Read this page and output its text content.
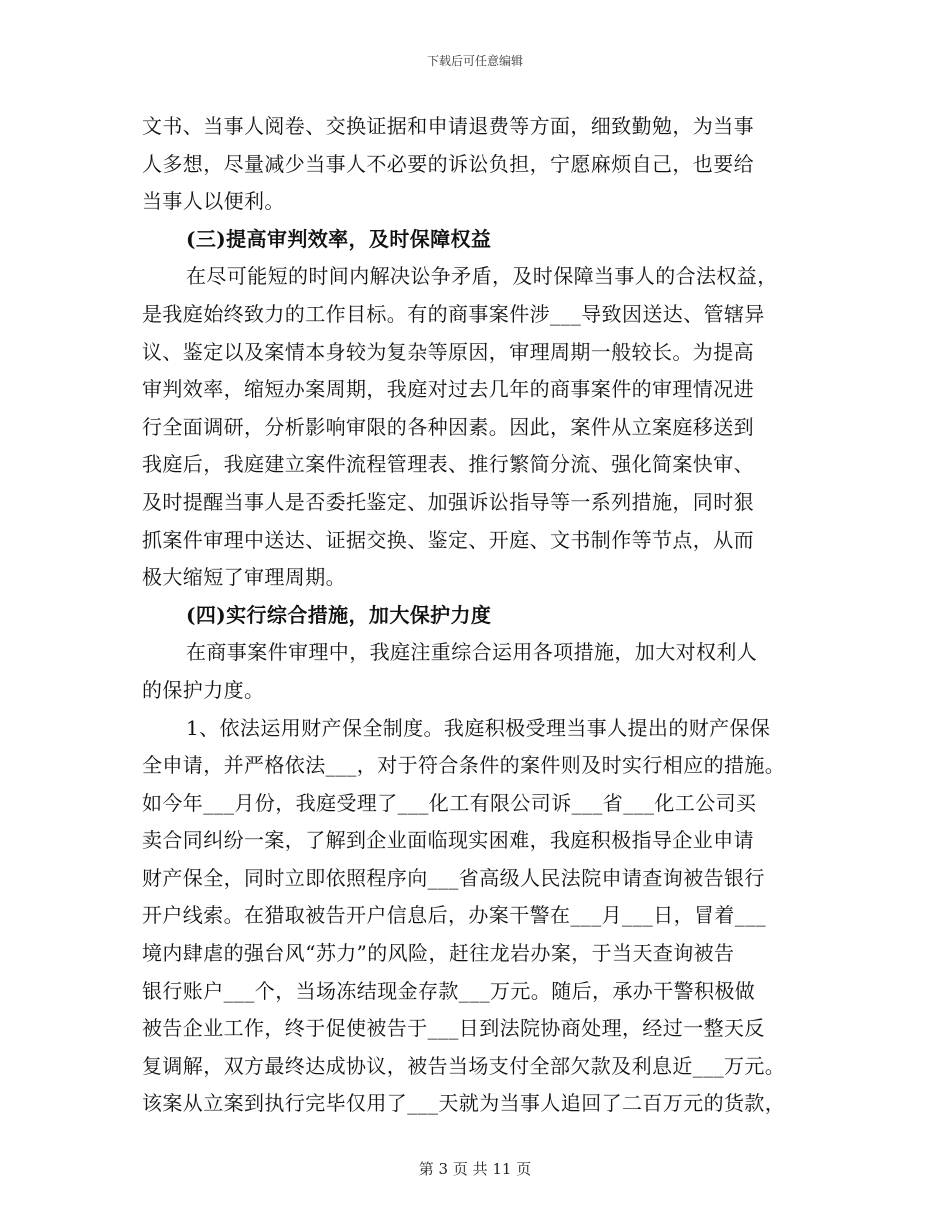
下载后可任意编辑
文书、当事人阅卷、交换证据和申请退费等方面，细致勤勉，为当事
人多想，尽量减少当事人不必要的诉讼负担，宁愿麻烦自己，也要给
当事人以便利。
(三)提高审判效率，及时保障权益
在尽可能短的时间内解决讼争矛盾，及时保障当事人的合法权益，
是我庭始终致力的工作目标。有的商事案件涉___导致因送达、管辖异
议、鉴定以及案情本身较为复杂等原因，审理周期一般较长。为提高
审判效率，缩短办案周期，我庭对过去几年的商事案件的审理情况进
行全面调研，分析影响审限的各种因素。因此，案件从立案庭移送到
我庭后，我庭建立案件流程管理表、推行繁简分流、强化简案快审、
及时提醒当事人是否委托鉴定、加强诉讼指导等一系列措施，同时狠
抓案件审理中送达、证据交换、鉴定、开庭、文书制作等节点，从而
极大缩短了审理周期。
(四)实行综合措施，加大保护力度
在商事案件审理中，我庭注重综合运用各项措施，加大对权利人
的保护力度。
1、依法运用财产保全制度。我庭积极受理当事人提出的财产保保
全申请，并严格依法___，对于符合条件的案件则及时实行相应的措施。
如今年___月份，我庭受理了___化工有限公司诉___省___化工公司买
卖合同纠纷一案，了解到企业面临现实困难，我庭积极指导企业申请
财产保全，同时立即依照程序向___省高级人民法院申请查询被告银行
开户线索。在猎取被告开户信息后，办案干警在___月___日，冒着___
境内肆虐的强台风“苏力”的风险，赶往龙岩办案，于当天查询被告
银行账户___个，当场冻结现金存款___万元。随后，承办干警积极做
被告企业工作，终于促使被告于___日到法院协商处理，经过一整天反
复调解，双方最终达成协议，被告当场支付全部欠款及利息近___万元。
该案从立案到执行完毕仅用了___天就为当事人追回了二百万元的货款，
第 3 页 共 11 页
